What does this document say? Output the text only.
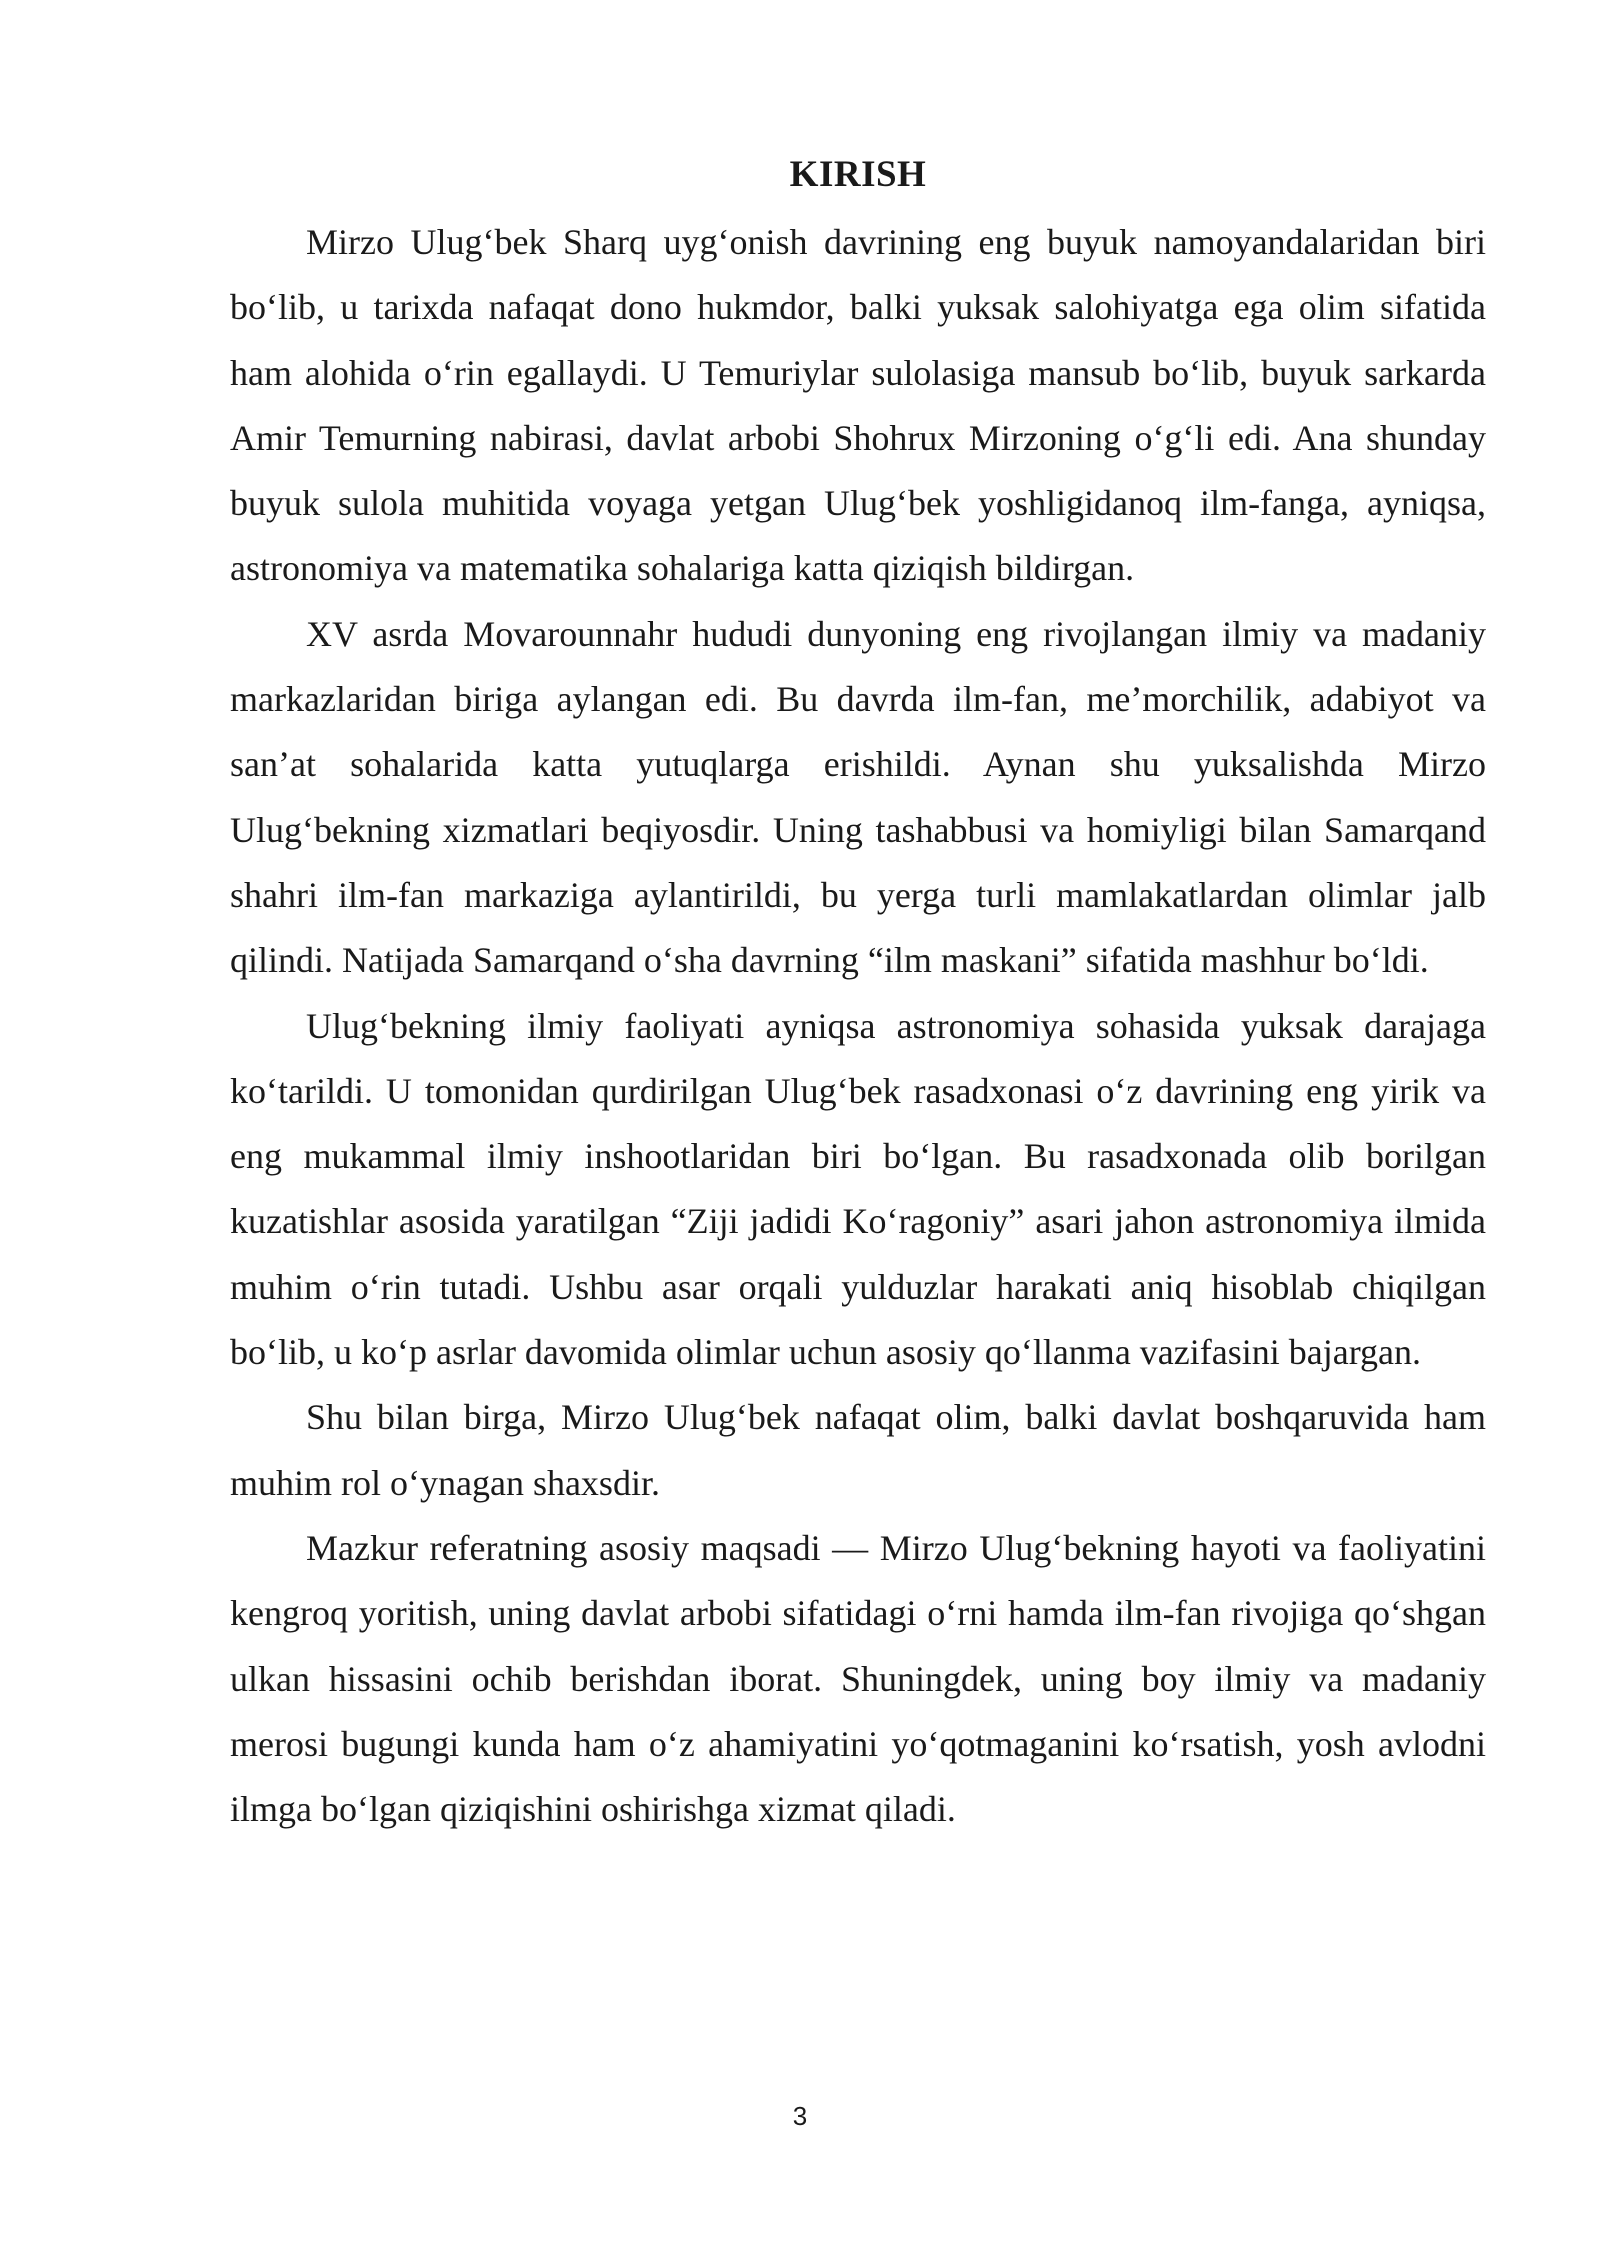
KIRISH

Mirzo Ulug‘bek Sharq uyg‘onish davrining eng buyuk namoyandalaridan biri bo‘lib, u tarixda nafaqat dono hukmdor, balki yuksak salohiyatga ega olim sifatida ham alohida o‘rin egallaydi. U Temuriylar sulolasiga mansub bo‘lib, buyuk sarkarda Amir Temurning nabirasi, davlat arbobi Shohrux Mirzoning o‘g‘li edi. Ana shunday buyuk sulola muhitida voyaga yetgan Ulug‘bek yoshligidanoq ilm-fanga, ayniqsa, astronomiya va matematika sohalariga katta qiziqish bildirgan.

XV asrda Movarounnahr hududi dunyoning eng rivojlangan ilmiy va madaniy markazlaridan biriga aylangan edi. Bu davrda ilm-fan, me’morchilik, adabiyot va san’at sohalarida katta yutuqlarga erishildi. Aynan shu yuksalishda Mirzo Ulug‘bekning xizmatlari beqiyosdir. Uning tashabbusi va homiyligi bilan Samarqand shahri ilm-fan markaziga aylantirildi, bu yerga turli mamlakatlardan olimlar jalb qilindi. Natijada Samarqand o‘sha davrning “ilm maskani” sifatida mashhur bo‘ldi.

Ulug‘bekning ilmiy faoliyati ayniqsa astronomiya sohasida yuksak darajaga ko‘tarildi. U tomonidan qurdirilgan Ulug‘bek rasadxonasi o‘z davrining eng yirik va eng mukammal ilmiy inshootlaridan biri bo‘lgan. Bu rasadxonada olib borilgan kuzatishlar asosida yaratilgan “Ziji jadidi Ko‘ragoniy” asari jahon astronomiya ilmida muhim o‘rin tutadi. Ushbu asar orqali yulduzlar harakati aniq hisoblab chiqilgan bo‘lib, u ko‘p asrlar davomida olimlar uchun asosiy qo‘llanma vazifasini bajargan.

Shu bilan birga, Mirzo Ulug‘bek nafaqat olim, balki davlat boshqaruvida ham muhim rol o‘ynagan shaxsdir.

Mazkur referatning asosiy maqsadi — Mirzo Ulug‘bekning hayoti va faoliyatini kengroq yoritish, uning davlat arbobi sifatidagi o‘rni hamda ilm-fan rivojiga qo‘shgan ulkan hissasini ochib berishdan iborat. Shuningdek, uning boy ilmiy va madaniy merosi bugungi kunda ham o‘z ahamiyatini yo‘qotmaganini ko‘rsatish, yosh avlodni ilmga bo‘lgan qiziqishini oshirishga xizmat qiladi.

3
